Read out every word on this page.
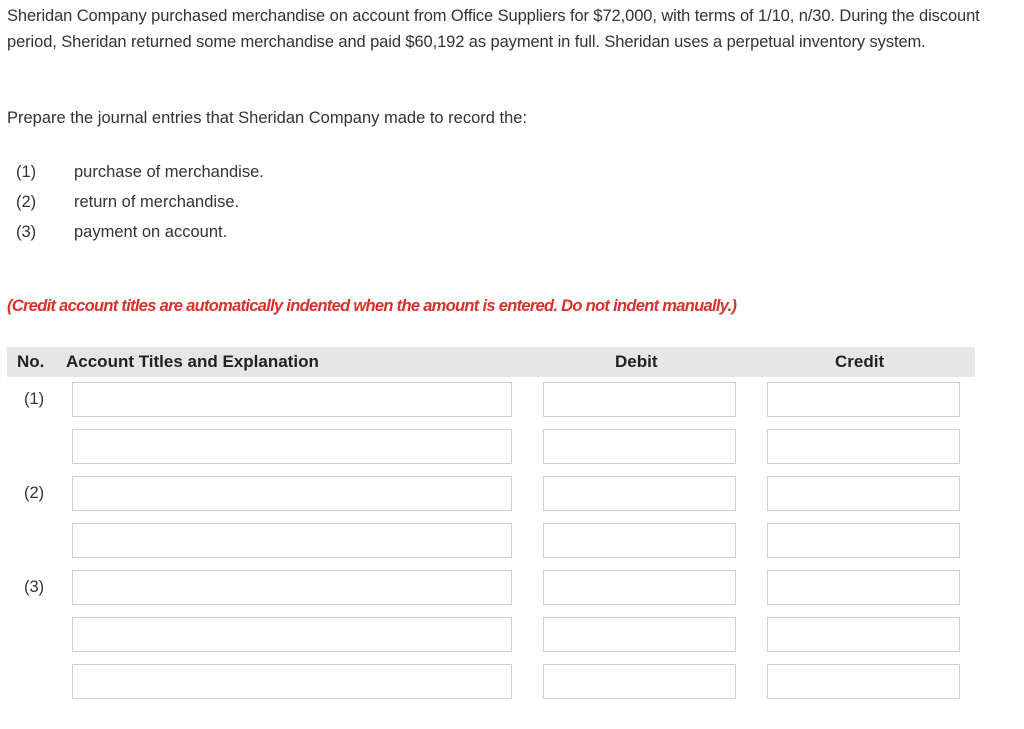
Sheridan Company purchased merchandise on account from Office Suppliers for $72,000, with terms of 1/10, n/30. During the discount period, Sheridan returned some merchandise and paid $60,192 as payment in full. Sheridan uses a perpetual inventory system.
Prepare the journal entries that Sheridan Company made to record the:
(1)	purchase of merchandise.
(2)	return of merchandise.
(3)	payment on account.
(Credit account titles are automatically indented when the amount is entered. Do not indent manually.)
No. Account Titles and Explanation	Debit	Credit
(1)
(2)
(3)
